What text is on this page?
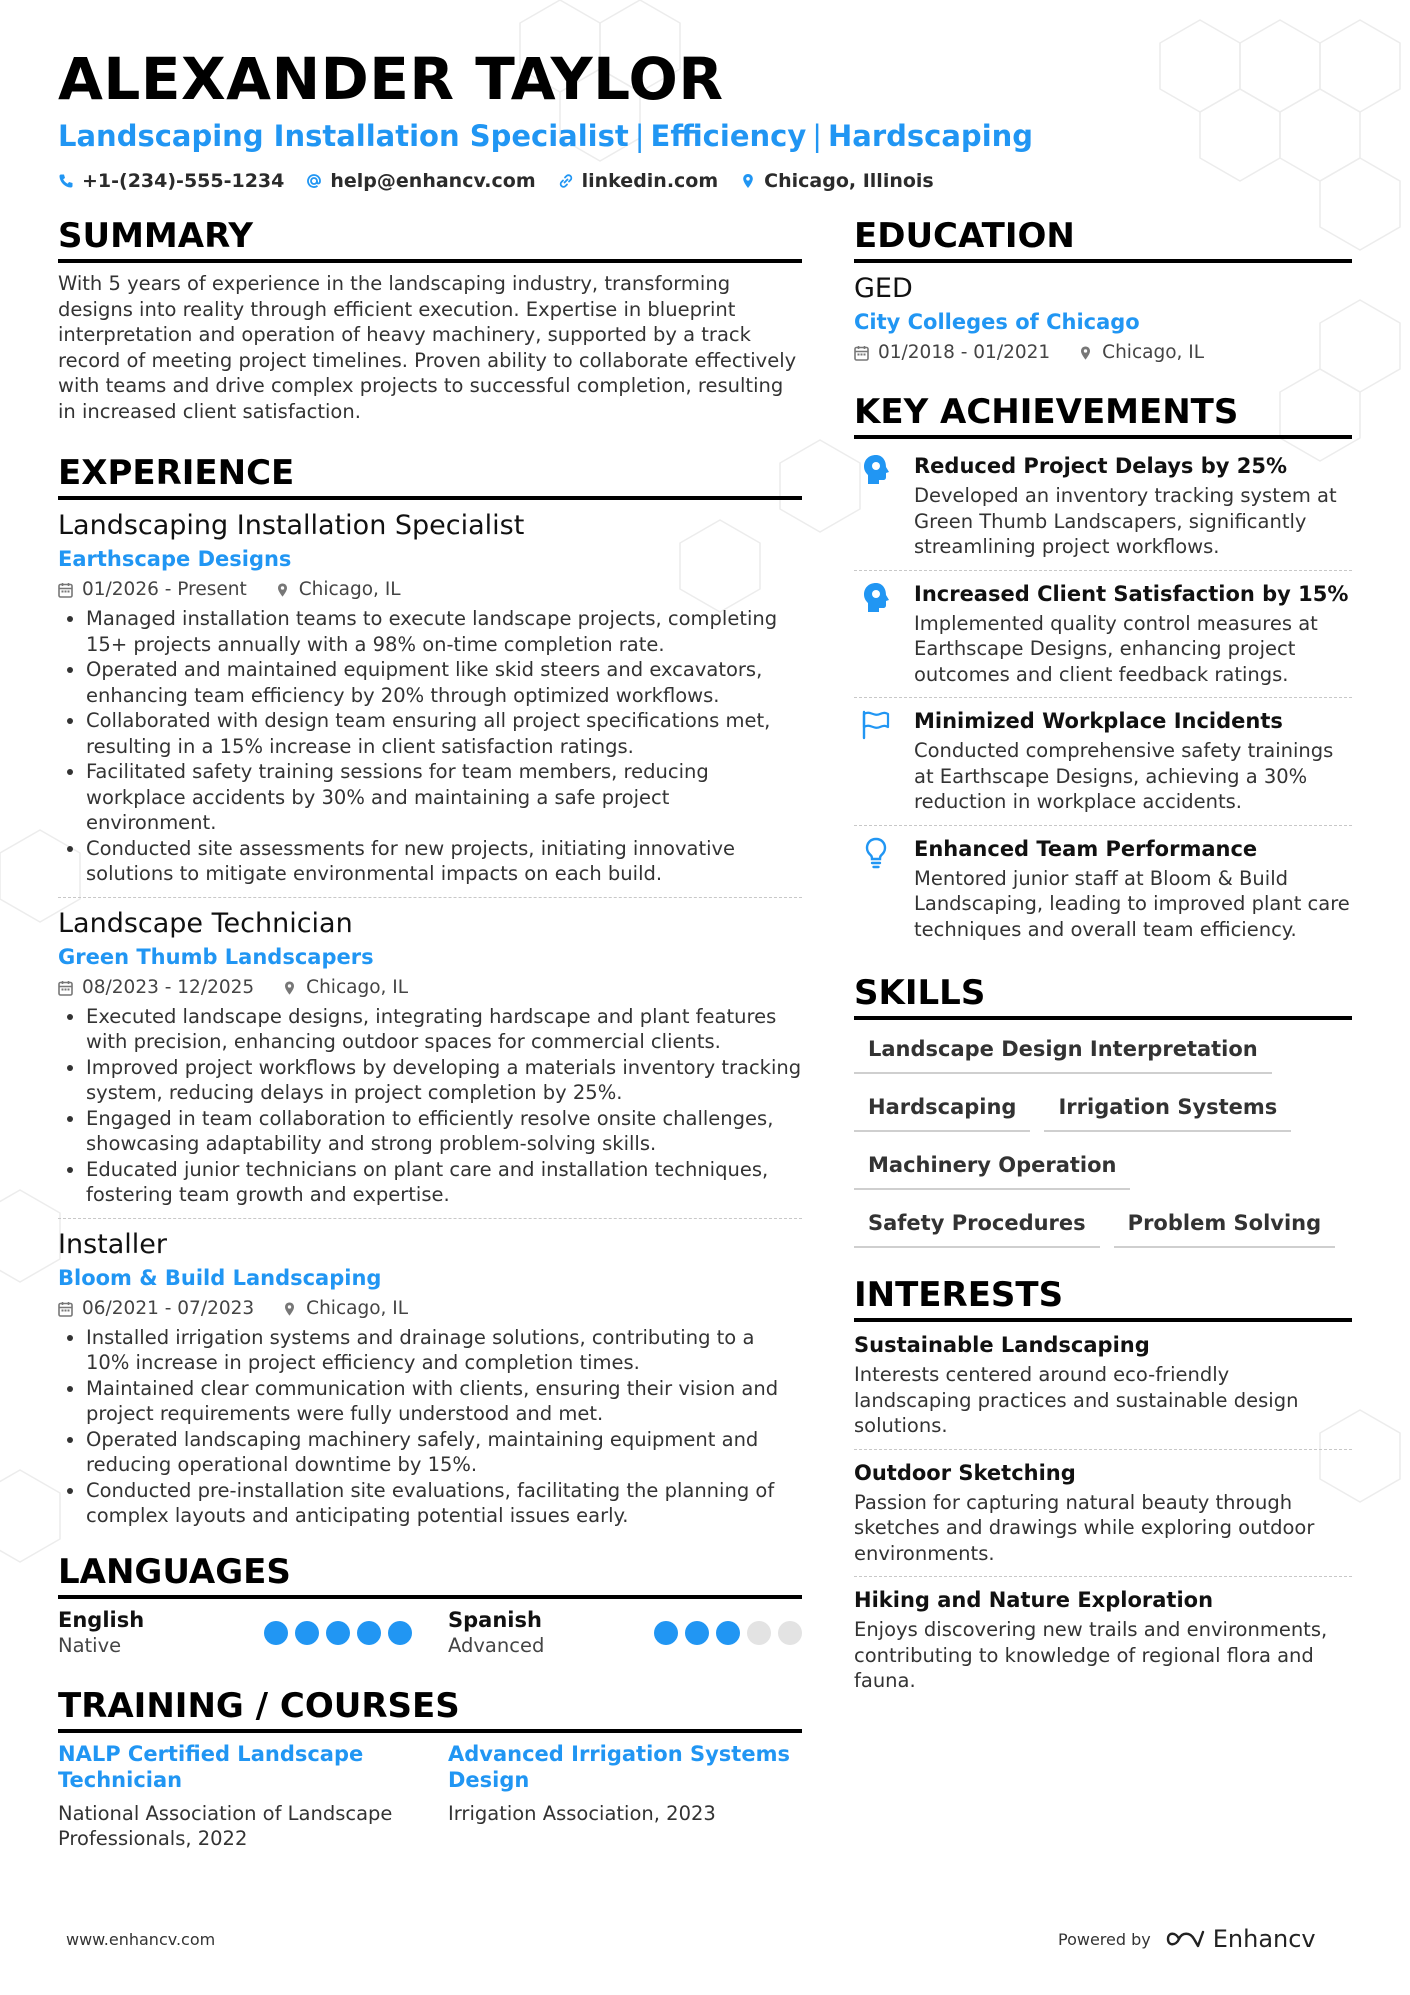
ALEXANDER TAYLOR
Landscaping Installation Specialist | Efficiency | Hardscaping
+1-(234)-555-1234 help@enhancv.com linkedin.com Chicago, Illinois
SUMMARY
With 5 years of experience in the landscaping industry, transforming designs into reality through efficient execution. Expertise in blueprint interpretation and operation of heavy machinery, supported by a track record of meeting project timelines. Proven ability to collaborate effectively with teams and drive complex projects to successful completion, resulting in increased client satisfaction.
EXPERIENCE
Landscaping Installation Specialist
Earthscape Designs
01/2026 - Present	Chicago, IL
• Managed installation teams to execute landscape projects, completing 15+ projects annually with a 98% on-time completion rate.
• Operated and maintained equipment like skid steers and excavators, enhancing team efficiency by 20% through optimized workflows.
• Collaborated with design team ensuring all project specifications met, resulting in a 15% increase in client satisfaction ratings.
• Facilitated safety training sessions for team members, reducing workplace accidents by 30% and maintaining a safe project environment.
• Conducted site assessments for new projects, initiating innovative solutions to mitigate environmental impacts on each build.
Landscape Technician
Green Thumb Landscapers
08/2023 - 12/2025	Chicago, IL
• Executed landscape designs, integrating hardscape and plant features with precision, enhancing outdoor spaces for commercial clients.
• Improved project workflows by developing a materials inventory tracking system, reducing delays in project completion by 25%.
• Engaged in team collaboration to efficiently resolve onsite challenges, showcasing adaptability and strong problem-solving skills.
• Educated junior technicians on plant care and installation techniques, fostering team growth and expertise.
Installer
Bloom & Build Landscaping
06/2021 - 07/2023	Chicago, IL
• Installed irrigation systems and drainage solutions, contributing to a 10% increase in project efficiency and completion times.
• Maintained clear communication with clients, ensuring their vision and project requirements were fully understood and met.
• Operated landscaping machinery safely, maintaining equipment and reducing operational downtime by 15%.
• Conducted pre-installation site evaluations, facilitating the planning of complex layouts and anticipating potential issues early.
LANGUAGES
English
Native
Spanish
Advanced
TRAINING / COURSES
NALP Certified Landscape Technician
National Association of Landscape Professionals, 2022
Advanced Irrigation Systems Design
Irrigation Association, 2023
EDUCATION
GED
City Colleges of Chicago
01/2018 - 01/2021	Chicago, IL
KEY ACHIEVEMENTS
Reduced Project Delays by 25%
Developed an inventory tracking system at Green Thumb Landscapers, significantly streamlining project workflows.
Increased Client Satisfaction by 15%
Implemented quality control measures at Earthscape Designs, enhancing project outcomes and client feedback ratings.
Minimized Workplace Incidents
Conducted comprehensive safety trainings at Earthscape Designs, achieving a 30% reduction in workplace accidents.
Enhanced Team Performance
Mentored junior staff at Bloom & Build Landscaping, leading to improved plant care techniques and overall team efficiency.
SKILLS
Landscape Design Interpretation
Hardscaping	Irrigation Systems
Machinery Operation
Safety Procedures	Problem Solving
INTERESTS
Sustainable Landscaping
Interests centered around eco-friendly landscaping practices and sustainable design solutions.
Outdoor Sketching
Passion for capturing natural beauty through sketches and drawings while exploring outdoor environments.
Hiking and Nature Exploration
Enjoys discovering new trails and environments, contributing to knowledge of regional flora and fauna.
www.enhancv.com	Powered by	Enhancv
